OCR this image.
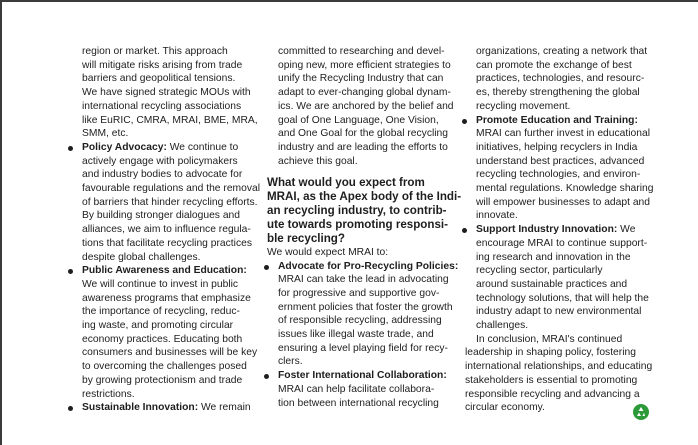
region or market. This approach
will mitigate risks arising from trade
barriers and geopolitical tensions.
We have signed strategic MOUs with
international recycling associations
like EuRIC, CMRA, MRAI, BME, MRA,
SMM, etc.
Policy Advocacy: We continue to
actively engage with policymakers
and industry bodies to advocate for
favourable regulations and the removal
of barriers that hinder recycling efforts.
By building stronger dialogues and
alliances, we aim to influence regula-
tions that facilitate recycling practices
despite global challenges.
Public Awareness and Education:
We will continue to invest in public
awareness programs that emphasize
the importance of recycling, reduc-
ing waste, and promoting circular
economy practices. Educating both
consumers and businesses will be key
to overcoming the challenges posed
by growing protectionism and trade
restrictions.
Sustainable Innovation: We remain
committed to researching and devel-
oping new, more efficient strategies to
unify the Recycling Industry that can
adapt to ever-changing global dynam-
ics. We are anchored by the belief and
goal of One Language, One Vision,
and One Goal for the global recycling
industry and are leading the efforts to
achieve this goal.
What would you expect from
MRAI, as the Apex body of the Indi-
an recycling industry, to contrib-
ute towards promoting responsi-
ble recycling?
We would expect MRAI to:
Advocate for Pro-Recycling Policies:
MRAI can take the lead in advocating
for progressive and supportive gov-
ernment policies that foster the growth
of responsible recycling, addressing
issues like illegal waste trade, and
ensuring a level playing field for recy-
clers.
Foster International Collaboration:
MRAI can help facilitate collabora-
tion between international recycling
organizations, creating a network that
can promote the exchange of best
practices, technologies, and resourc-
es, thereby strengthening the global
recycling movement.
Promote Education and Training:
MRAI can further invest in educational
initiatives, helping recyclers in India
understand best practices, advanced
recycling technologies, and environ-
mental regulations. Knowledge sharing
will empower businesses to adapt and
innovate.
Support Industry Innovation: We
encourage MRAI to continue support-
ing research and innovation in the
recycling sector, particularly
around sustainable practices and
technology solutions, that will help the
industry adapt to new environmental
challenges.
In conclusion, MRAI's continued
leadership in shaping policy, fostering
international relationships, and educating
stakeholders is essential to promoting
responsible recycling and advancing a
circular economy.
